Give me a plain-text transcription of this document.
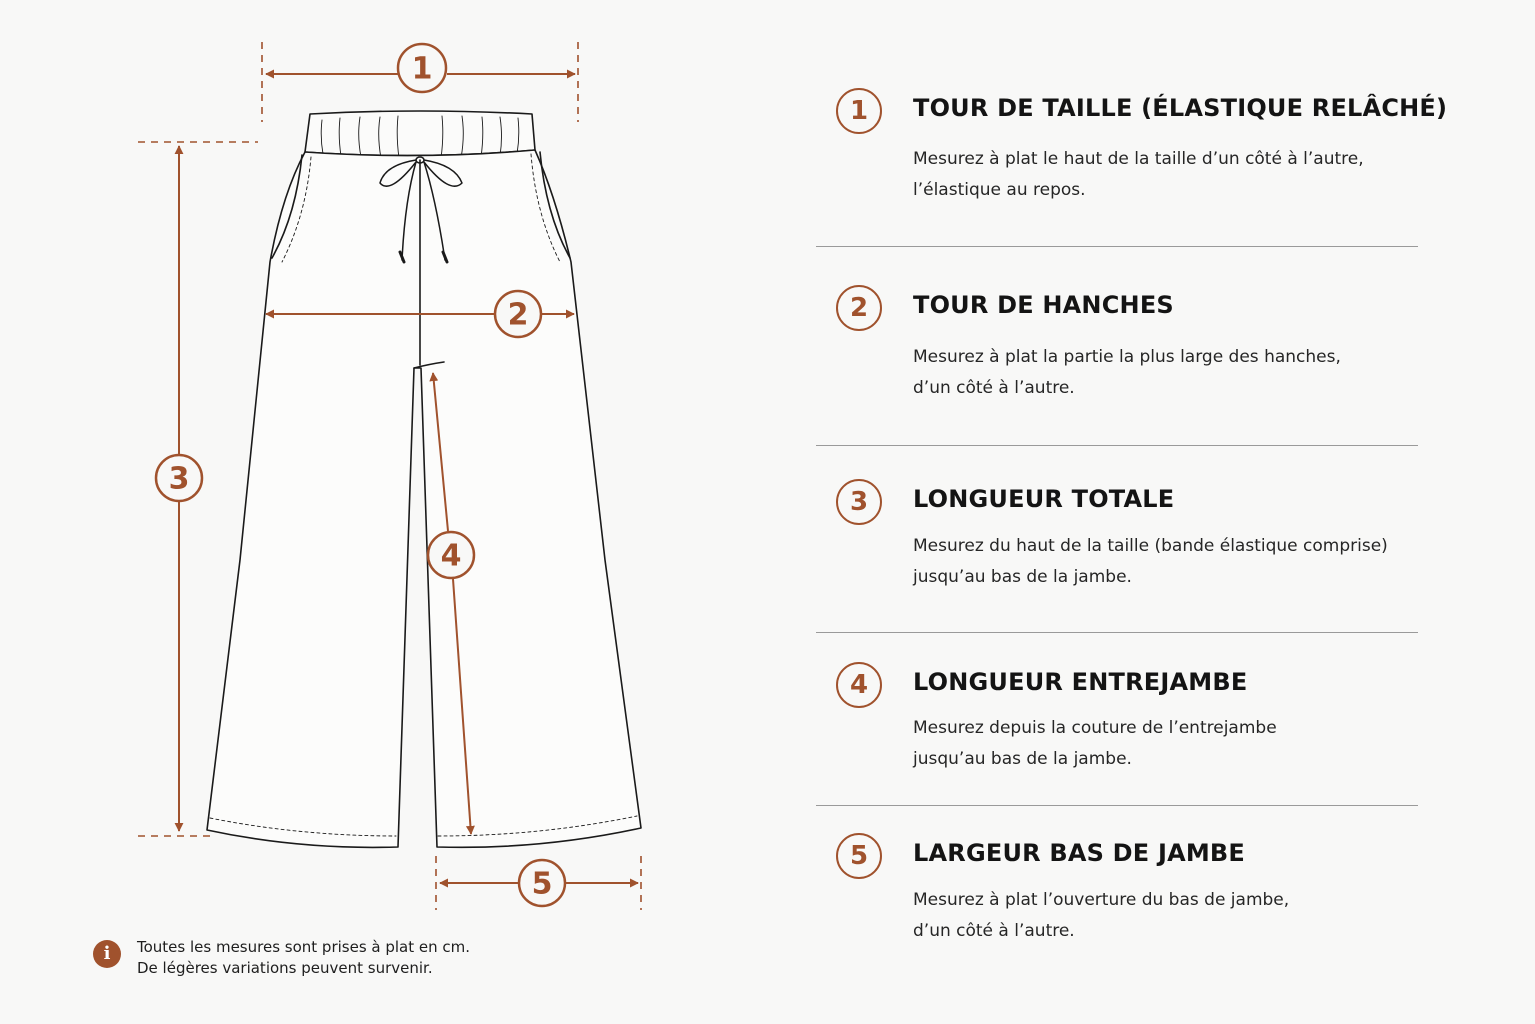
1
2
3
4
5
1	TOUR DE TAILLE (ÉLASTIQUE RELÂCHÉ)
Mesurez à plat le haut de la taille d’un côté à l’autre,
l’élastique au repos.
2	TOUR DE HANCHES
Mesurez à plat la partie la plus large des hanches,
d’un côté à l’autre.
3	LONGUEUR TOTALE
Mesurez du haut de la taille (bande élastique comprise)
jusqu’au bas de la jambe.
4	LONGUEUR ENTREJAMBE
Mesurez depuis la couture de l’entrejambe
jusqu’au bas de la jambe.
5	LARGEUR BAS DE JAMBE
Mesurez à plat l’ouverture du bas de jambe,
d’un côté à l’autre.
i	Toutes les mesures sont prises à plat en cm.
De légères variations peuvent survenir.
